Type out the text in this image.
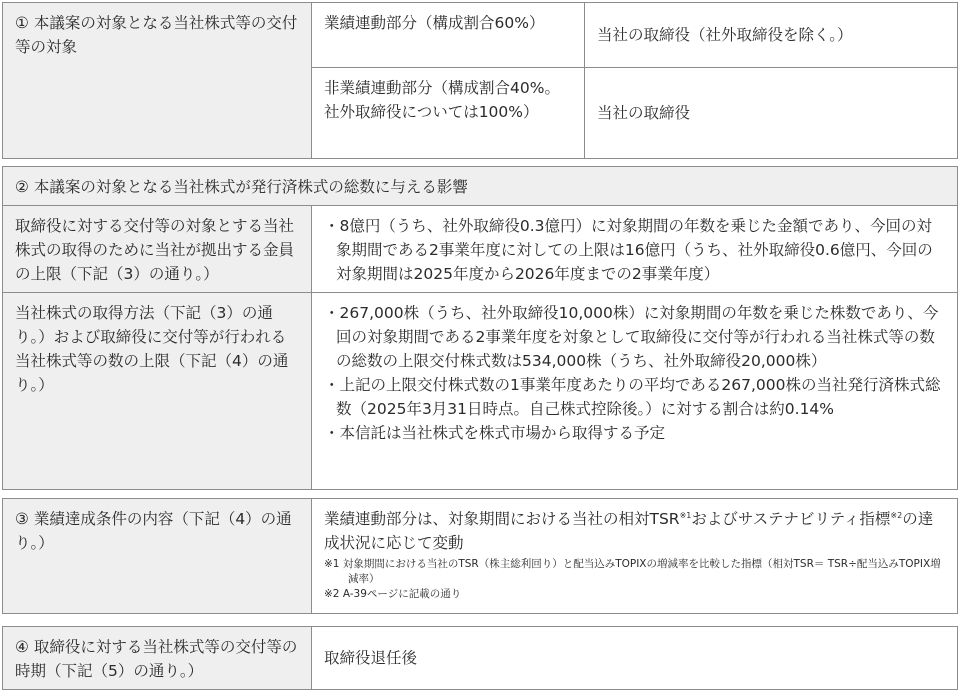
① 本議案の対象となる当社株式等の交付等の対象
業績連動部分（構成割合60%）
当社の取締役（社外取締役を除く。）
非業績連動部分（構成割合40%。社外取締役については100%）	当社の取締役
② 本議案の対象となる当社株式が発行済株式の総数に与える影響
取締役に対する交付等の対象とする当社株式の取得のために当社が拠出する金員の上限（下記（3）の通り。）
・8億円（うち、社外取締役0.3億円）に対象期間の年数を乗じた金額であり、今回の対象期間である2事業年度に対しての上限は16億円（うち、社外取締役0.6億円、今回の対象期間は2025年度から2026年度までの2事業年度）
当社株式の取得方法（下記（3）の通り。）および取締役に交付等が行われる当社株式等の数の上限（下記（4）の通り。）
・267,000株（うち、社外取締役10,000株）に対象期間の年数を乗じた株数であり、今回の対象期間である2事業年度を対象として取締役に交付等が行われる当社株式等の数の総数の上限交付株式数は534,000株（うち、社外取締役20,000株）
・上記の上限交付株式数の1事業年度あたりの平均である267,000株の当社発行済株式総数（2025年3月31日時点。自己株式控除後。）に対する割合は約0.14%
・本信託は当社株式を株式市場から取得する予定
③ 業績達成条件の内容（下記（4）の通り。）
業績連動部分は、対象期間における当社の相対TSR$^{※1}$およびサステナビリティ指標$^{※2}$の達成状況に応じて変動
※1 対象期間における当社のTSR（株主総利回り）と配当込みTOPIXの増減率を比較した指標（相対TSR＝ TSR÷配当込みTOPIX増減率）
※2 A-39ページに記載の通り
④ 取締役に対する当社株式等の交付等の時期（下記（5）の通り。）
取締役退任後
